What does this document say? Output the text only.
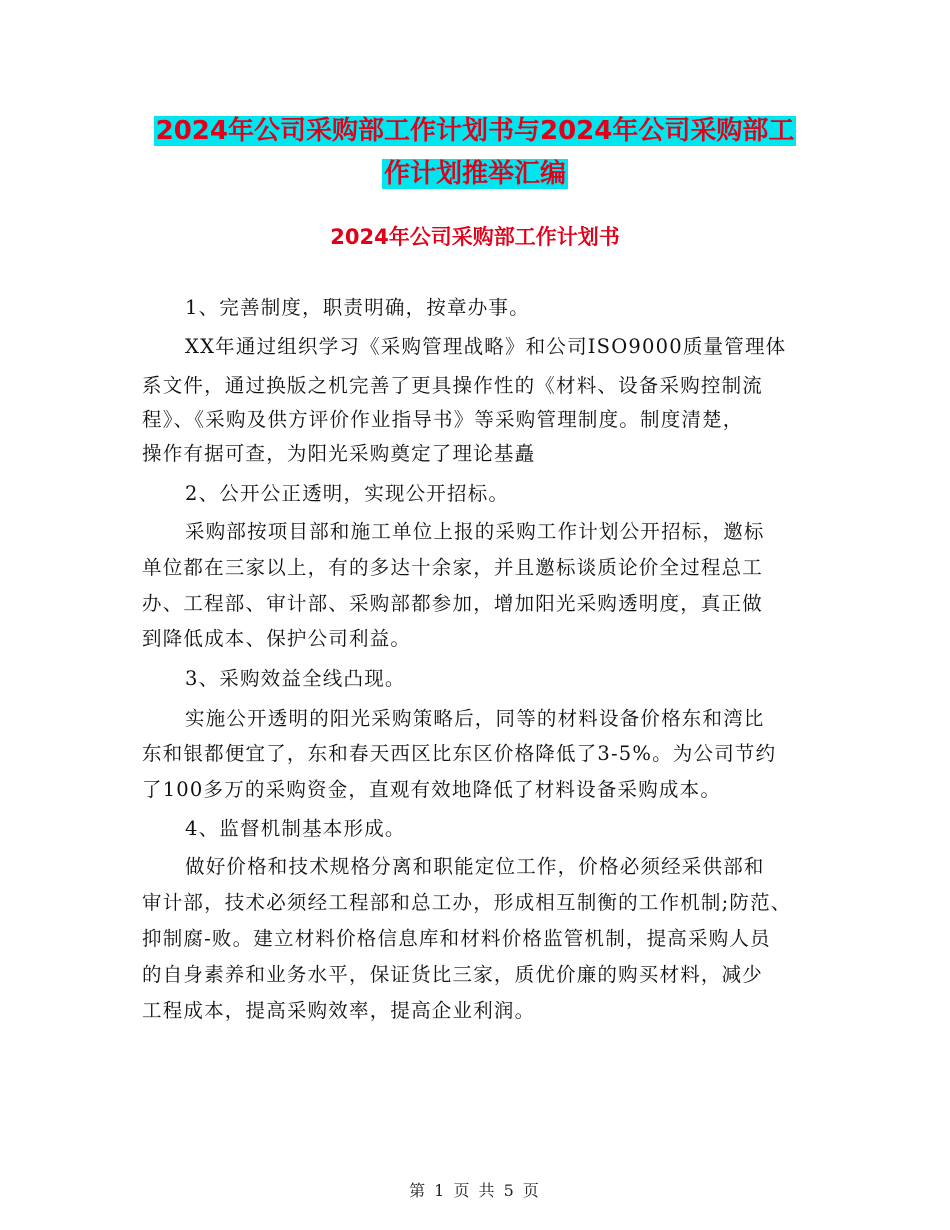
2024年公司采购部工作计划书与2024年公司采购部工
作计划推举汇编
2024年公司采购部工作计划书
1、完善制度，职责明确，按章办事。
XX年通过组织学习《采购管理战略》和公司ISO9000质量管理体
系文件，通过换版之机完善了更具操作性的《材料、设备采购控制流
程》、《采购及供方评价作业指导书》等采购管理制度。制度清楚，
操作有据可查，为阳光采购奠定了理论基矗
2、公开公正透明，实现公开招标。
采购部按项目部和施工单位上报的采购工作计划公开招标，邀标
单位都在三家以上，有的多达十余家，并且邀标谈质论价全过程总工
办、工程部、审计部、采购部都参加，增加阳光采购透明度，真正做
到降低成本、保护公司利益。
3、采购效益全线凸现。
实施公开透明的阳光采购策略后，同等的材料设备价格东和湾比
东和银都便宜了，东和春天西区比东区价格降低了3-5%。为公司节约
了100多万的采购资金，直观有效地降低了材料设备采购成本。
4、监督机制基本形成。
做好价格和技术规格分离和职能定位工作，价格必须经采供部和
审计部，技术必须经工程部和总工办，形成相互制衡的工作机制;防范、
抑制腐-败。建立材料价格信息库和材料价格监管机制，提高采购人员
的自身素养和业务水平，保证货比三家，质优价廉的购买材料，减少
工程成本，提高采购效率，提高企业利润。
第 1 页 共 5 页
